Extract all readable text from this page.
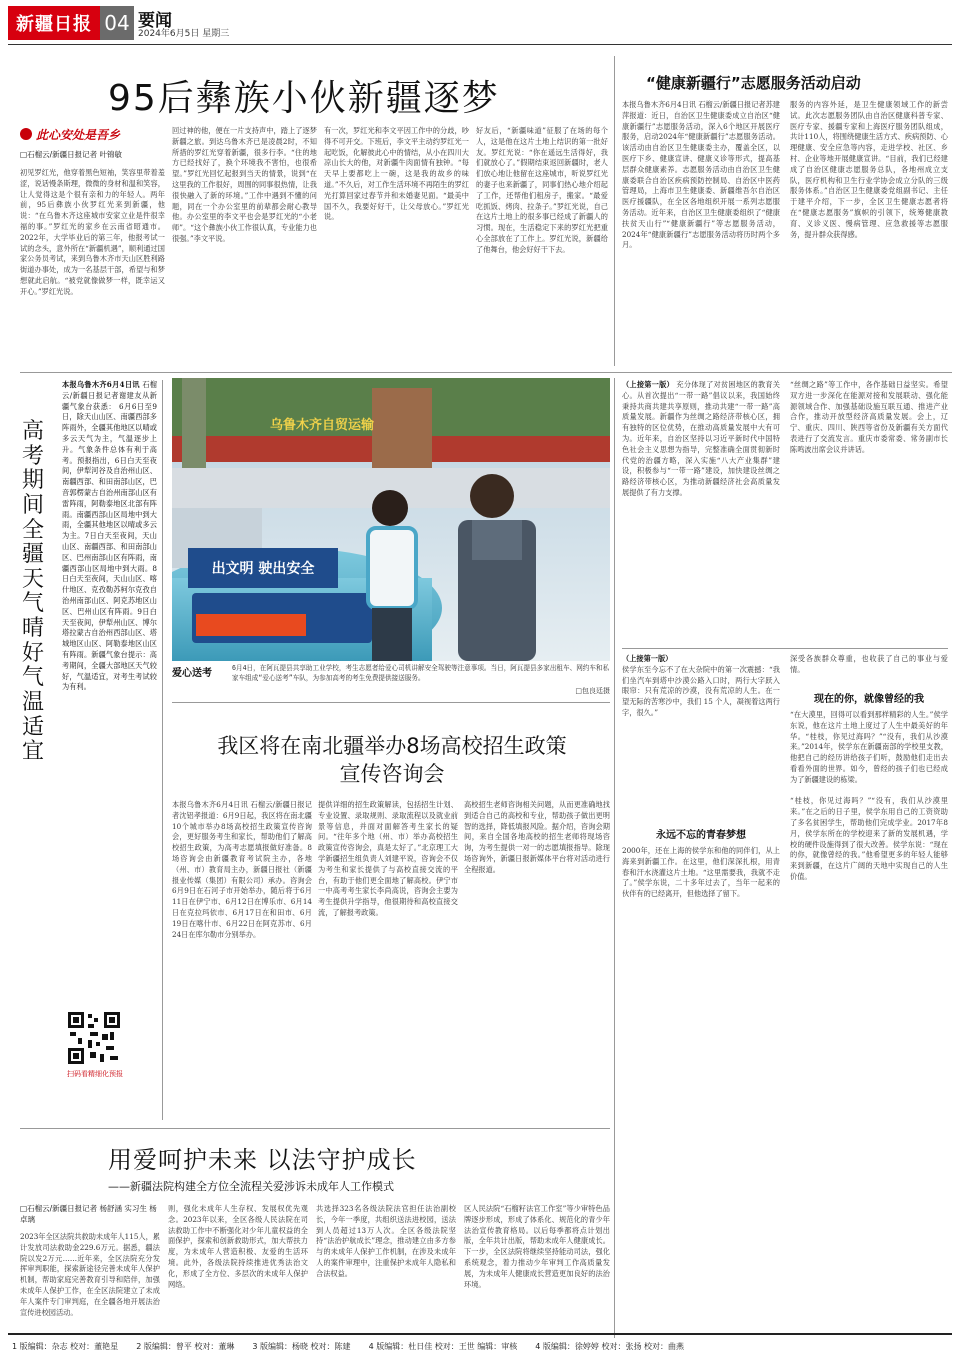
新疆日报 04 要闻
2024年6月5日 星期三
95后彝族小伙新疆逐梦
此心安处是吾乡
□石榴云/新疆日报记者 叶锦敏
初见罗红光，他穿着黑色短袖，笑容里带着羞涩，说话慢条斯理，微微的身材和温和笑容，让人觉得这是个很有亲和力的年轻人。两年前，95后彝族小伙罗红光来到新疆，他说：“在乌鲁木齐这座城市安家立业是件很幸福的事。”罗红光的家乡在云南省昭通市。2022年，大学毕业后的第三年，他报考试一试的念头，意外所在“新疆机遇”，顺利通过国家公务员考试，来到乌鲁木齐市天山区胜利路街道办事处，成为一名基层干部，希望与和梦想就此启航。“被党就像做梦一样，既幸运又开心。”罗红光说。
回过神的他，便在一片支持声中，踏上了逐梦新疆之旅。到达乌鲁木齐已是凌晨2时，不知所措的罗红光穿着新疆，很多行李。“住的地方已经找好了，换个环境我不害怕，也很希望。”罗红光回忆起报到当天的情景，说到“在这里我的工作很好，周围的同事很热情，让我很快融入了新的环境。”工作中遇到不懂的问题，同在一个办公室里的前辈都会耐心教导他。办公室里的李文平也会是罗红光的“小老师”。“这个彝族小伙工作很认真，专业能力也很强。”李文平说。
有一次，罗红光和李文平因工作中的分歧，吵得不可开交。下班后，李文平主动约罗红光一起吃饭，化解彼此心中的情结，从小在四川大凉山长大的他，对新疆牛肉面情有独钟。“每天早上要都吃上一碗，这是我的故乡的味道。”不久后，对工作生活环境不再陌生的罗红光打算回家过春节并和未婚妻见面。“最美中国不久，我要好好干，让父母放心。”罗红光说。
好友后，“新疆味道”征服了在场的每个人，这是他在这片土地上结识的第一批好友。罗红光说：“你在遥远生活得好，我们就放心了。”假期结束返回新疆时，老人们放心地让他留在这座城市，听说罗红光的妻子也来新疆了，同事们热心地介绍起了工作，还帮他们租房子，搬家。“最爱吃抓饭、烤肉、拉条子。”罗红光说，自己在这片土地上的很多事已经成了新疆人的习惯。现在，生活稳定下来的罗红光把重心全部放在了工作上。罗红光说，新疆给了他舞台，他会好好干下去。
“健康新疆行”志愿服务活动启动
本报乌鲁木齐6月4日讯 石榴云/新疆日报记者苏建萍报道：近日，自治区卫生健康委成立自治区“健康新疆行”志愿服务活动，深入6个地区开展医疗服务，启动2024年“健康新疆行”志愿服务活动。该活动由自治区卫生健康委主办，覆盖全区，以医疗下乡、健康宣讲、健康义诊等形式，提高基层群众健康素养。志愿服务活动由自治区卫生健康委联合自治区疾病预防控制局、自治区中医药管理局，上海市卫生健康委、新疆维吾尔自治区医疗援疆队，在全区各地组织开展一系列志愿服务活动。近年来，自治区卫生健康委组织了“健康扶贫天山行”“健康新疆行”等志愿服务活动，2024年“健康新疆行”志愿服务活动将历时两个多月。
服务的内容外延，是卫生健康领域工作的新尝试。此次志愿服务团队由自治区健康科普专家、医疗专家、援疆专家和上海医疗服务团队组成，共计110人，将围绕健康生活方式、疾病预防、心理健康、安全应急等内容，走进学校、社区、乡村、企业等地开展健康宣讲。“目前，我们已经建成了自治区健康志愿服务总队，各地州成立支队，医疗机构和卫生行业学协会成立分队的三级服务体系。”自治区卫生健康委党组副书记、主任于建平介绍，下一步，全区卫生健康志愿者将在“健康志愿服务”旗帜的引领下，统筹健康教育、义诊义医、慢病管理、应急救援等志愿服务，提升群众获得感。
高考期间全疆天气晴好气温适宜
本报乌鲁木齐6月4日讯 石榴云/新疆日报记者谢建友从新疆气象台获悉： 6月6日至9日，除天山山区、南疆西部多阵雨外，全疆其他地区以晴或多云天气为主，气温逐步上升。气象条件总体有利于高考。预报指出，6日白天至夜间，伊犁河谷及自治州山区、南疆西部、和田南部山区，巴音郭楞蒙古自治州南部山区有雷阵雨，阿勒泰地区北部有阵雨。南疆西部山区局地中到大雨，全疆其他地区以晴或多云为主。7日白天至夜间，天山山区、南疆西部、和田南部山区、巴州南部山区有阵雨，南疆西部山区局地中到大雨。8日白天至夜间，天山山区、喀什地区、克孜勒苏柯尔克孜自治州南部山区、阿克苏地区山区、巴州山区有阵雨。9日白天至夜间，伊犁州山区、博尔塔拉蒙古自治州西部山区、塔城地区山区、阿勒泰地区山区有阵雨。新疆气象台提示：高考期间，全疆大部地区天气较好，气温适宜，对考生考试较为有利。
扫码看精细化预报
出文明 驶出安全
乌鲁木齐自贸运输
爱心送考	6月4日，在阿瓦提县共享助工业学校，考生志愿者给爱心司机讲解安全驾驶等注意事项。当日，阿瓦提县多家出租车、网约车和私家车组成“爱心送考”车队，为参加高考的考生免费提供接送服务。
□包良廷摄
我区将在南北疆举办8场高校招生政策宣传咨询会
本报乌鲁木齐6月4日讯 石榴云/新疆日报记者沈铝孝报道：6月9日起，我区将在南北疆10个城市举办8场高校招生政策宣传咨询会，更好服务考生和家长，帮助他们了解高校招生政策，为高考志愿填报做好准备。8场咨询会由新疆教育考试院主办，各地（州、市）教育局主办，新疆日报社（新疆报业传媒（集团）有限公司）承办。咨询会6月9日在石河子市开始举办，随后将于6月11日在伊宁市、6月12日在博乐市、6月14日在克拉玛依市、6月17日在和田市、6月19日在喀什市、6月22日在阿克苏市、6月24日在库尔勒市分别举办。
提供详细的招生政策解读，包括招生计划、专业设置、录取规则、录取流程以及就业前景等信息，并面对面解答考生家长的疑问。“往年多个地（州、市）举办高校招生政策宣传咨询会，真是太好了。”北京理工大学新疆招生组负责人刘建平说，咨询会不仅为考生和家长提供了与高校直接交流的平台，有助于他们更全面地了解高校。伊宁市一中高考考生家长李尚高说，咨询会主要为考生提供升学指导，他很期待和高校直接交流，了解报考政策。
高校招生老师咨询相关问题，从而更准确地找到适合自己的高校和专业，帮助孩子做出更明智的选择，降低填报风险。据介绍，咨询会期间，来自全国各地高校的招生老师将现场咨询，为考生提供一对一的志愿填报指导。除现场咨询外，新疆日报新媒体平台将对活动进行全程报道。
（上接第一版） 充分体现了对贫困地区的教育关心。从首次提出“一带一路”倡议以来，我国始终秉持共商共建共享原则，推动共建“一带一路”高质量发展。新疆作为丝绸之路经济带核心区，拥有独特的区位优势，在推动高质量发展中大有可为。近年来，自治区坚持以习近平新时代中国特色社会主义思想为指导，完整准确全面贯彻新时代党的治疆方略，深入实施“八大产业集群”建设，积极参与“一带一路”建设，加快建设丝绸之路经济带核心区，为推动新疆经济社会高质量发展提供了有力支撑。
“丝绸之路”等工作中，各作基础日益坚实。希望双方进一步深化在能源对接和发展联动、强化能源领域合作、加强基础设施互联互通、推进产业合作，推动开放型经济高质量发展。会上，辽宁、重庆、四川、陕西等省份及新疆有关方面代表进行了交流发言。重庆市委常委、常务副市长陈鸣波出席会议并讲话。
（上接第一版）
侯学东至今忘不了在大杂院中的第一次震撼：“我们坐汽车到塔中沙漠公路入口时，两行大字跃入眼帘：只有荒凉的沙漠，没有荒凉的人生。在一望无际的苦寒沙中，我们 15 个人，凝视着这两行字，很久。”
永远不忘的青春梦想
2000年，还在上海的侯学东和他的同伴们，从上海来到新疆工作。在这里，他们深深扎根，用青春和汗水浇灌这片土地。“这里需要我，我就不走了。”侯学东说，二十多年过去了，当年一起来的伙伴有的已经离开，但他选择了留下。
深受各族群众尊重，也收获了自己的事业与爱情。
现在的你，就像曾经的我
“在大漠里，回得可以看到那样精彩的人生。”侯学东说，他在这片土地上度过了人生中最美好的年华。“桂枝，你见过海吗？”“没有，我们从沙漠来。”2014年，侯学东在新疆南部的学校里支教，他把自己的经历讲给孩子们听，鼓励他们走出去看看外面的世界。如今，曾经的孩子们也已经成为了新疆建设的栋梁。

“桂枝，你见过海吗？”“没有，我们从沙漠里来。”在之后的日子里，侯学东用自己的工资资助了多名贫困学生，帮助他们完成学业。2017年8月，侯学东所在的学校迎来了新的发展机遇，学校的硬件设施得到了很大改善。侯学东说：“现在的你，就像曾经的我。”他希望更多的年轻人能够来到新疆，在这片广阔的天地中实现自己的人生价值。
用爱呵护未来 以法守护成长
——新疆法院构建全方位全流程关爱涉诉未成年人工作模式
□石榴云/新疆日报记者 杨舒涵 实习生 杨卓璃
2023年全区法院共救助未成年人115人，累计发放司法救助金229.6万元。据悉，疆法院以发2万元……近年来，全区法院充分发挥审判职能，探索新途径完善未成年人保护机制，帮助家庭完善教育引导和陪伴，加强未成年人保护工作，在全区法院建立了未成年人案件专门审判庭，在全疆各地开展法治宣传进校园活动。
则，强化未成年人生存权、发展权优先观念。2023年以来，全区各级人民法院在司法救助工作中不断强化对少年儿童权益的全面保护，探索和创新救助形式，加大帮扶力度，为未成年人营造积极、友爱的生活环境。此外，各级法院持续推进优秀法治文化，形成了全方位、多层次的未成年人保护网络。
共选择323名各级法院法官担任法治副校长，今年一季度，共组织送法进校园，送法到人员超过13万人次。全区各级法院坚持“法治护航成长”理念，推动建立由多方参与的未成年人保护工作机制，在涉及未成年人的案件审理中，注重保护未成年人隐私和合法权益。
区人民法院“石榴籽法官工作室”等少审特色品牌逐步形成，形成了体系化、规范化的青少年法治宣传教育格局。以后每季都将点计划出版，全年共计出版，帮助未成年人健康成长。下一步，全区法院将继续坚持能动司法，强化系统观念，着力推动少年审判工作高质量发展，为未成年人健康成长营造更加良好的法治环境。
1 版编辑：杂志 校对：董艳星 2 版编辑：曾平 校对：董琳 3 版编辑：杨晓 校对：陈建 4 版编辑：杜日佳 校对：王世 编辑：审核 4 版编辑：徐婷婷 校对：张扬 校对：曲燕
